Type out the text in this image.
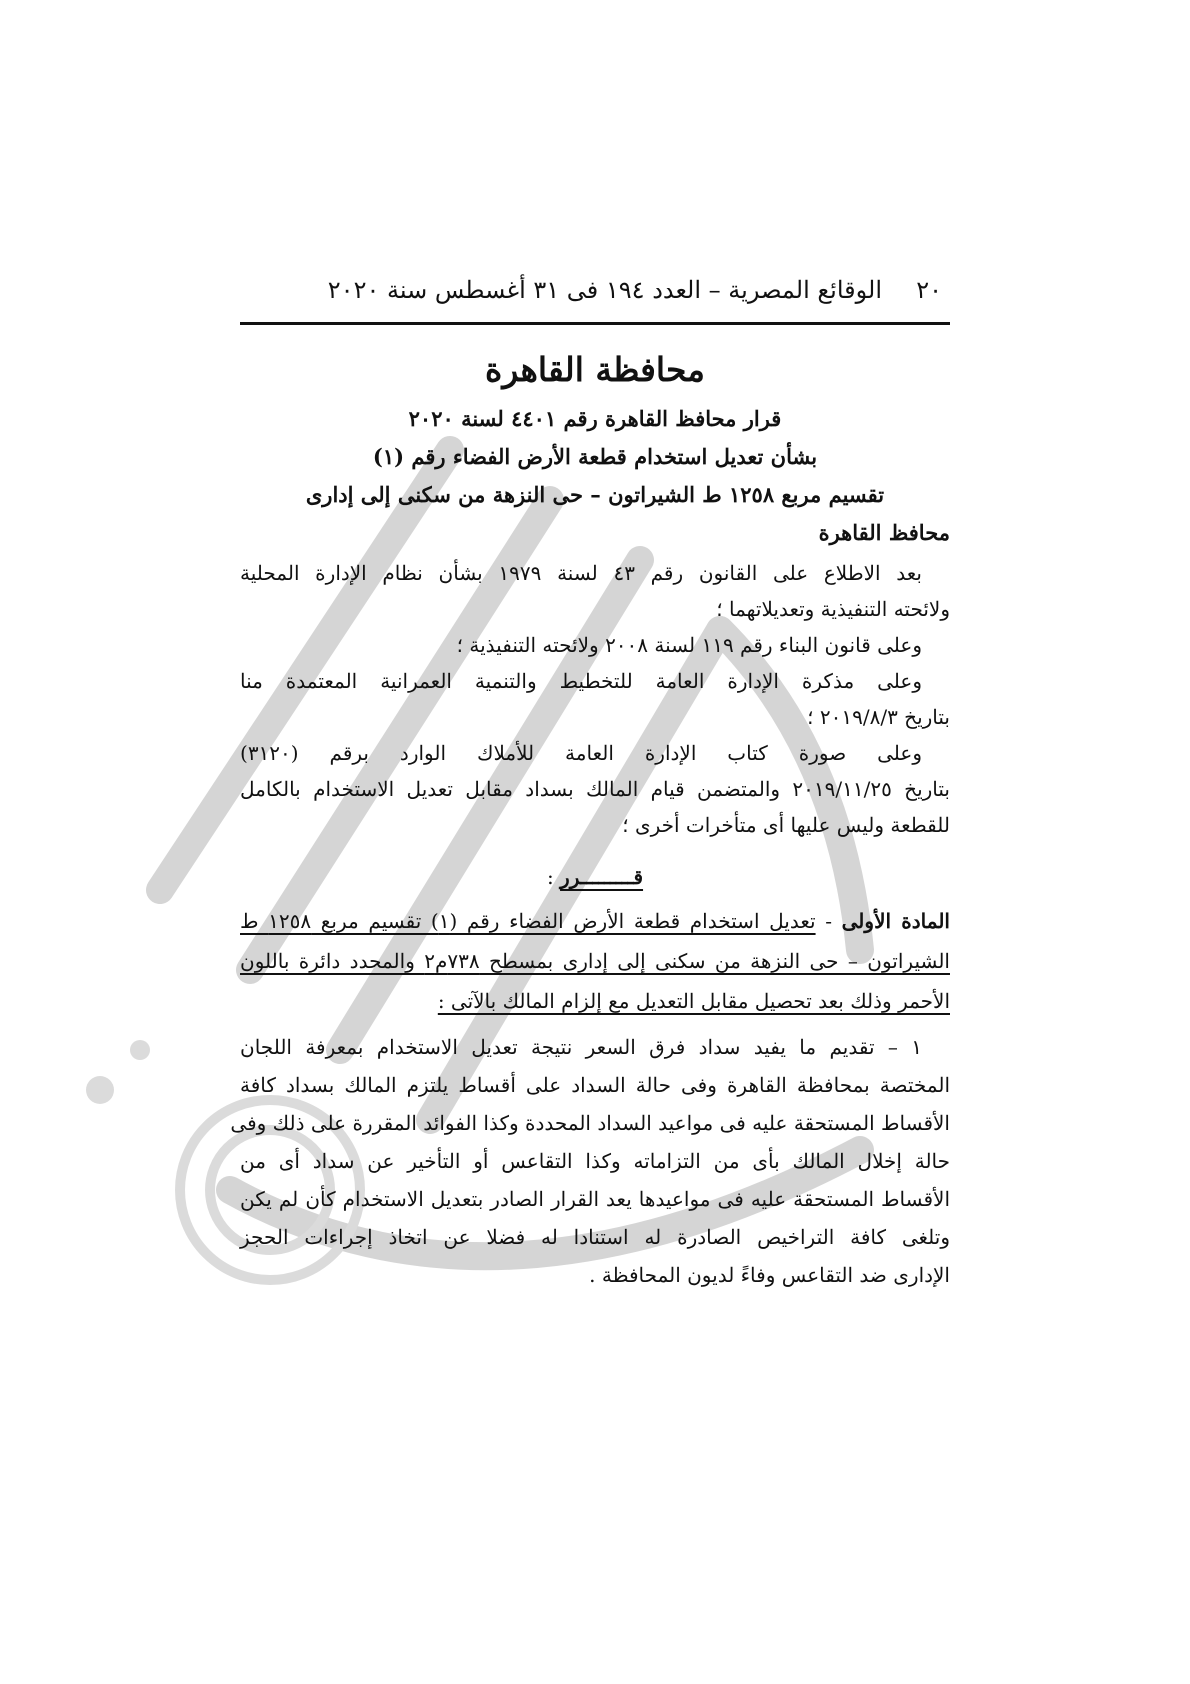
٢٠
الوقائع المصرية – العدد ١٩٤ فى ٣١ أغسطس سنة ٢٠٢٠
محافظة القاهرة
قرار محافظ القاهرة رقم ٤٤٠١ لسنة ٢٠٢٠
بشأن تعديل استخدام قطعة الأرض الفضاء رقم (١)
تقسيم مربع ١٢٥٨ ط الشيراتون – حى النزهة من سكنى إلى إدارى
محافظ القاهرة
بعد الاطلاع على القانون رقم ٤٣ لسنة ١٩٧٩ بشأن نظام الإدارة المحلية
ولائحته التنفيذية وتعديلاتهما ؛
وعلى قانون البناء رقم ١١٩ لسنة ٢٠٠٨ ولائحته التنفيذية ؛
وعلى مذكرة الإدارة العامة للتخطيط والتنمية العمرانية المعتمدة منا
بتاريخ ٢٠١٩/٨/٣ ؛
وعلى صورة كتاب الإدارة العامة للأملاك الوارد برقم (٣١٢٠)
بتاريخ ٢٠١٩/١١/٢٥ والمتضمن قيام المالك بسداد مقابل تعديل الاستخدام بالكامل
للقطعة وليس عليها أى متأخرات أخرى ؛
قـــــــــرر :
المادة الأولى - تعديل استخدام قطعة الأرض الفضاء رقم (١) تقسيم مربع ١٢٥٨ ط
الشيراتون – حى النزهة من سكنى إلى إدارى بمسطح ٧٣٨م٢ والمحدد دائرة باللون
الأحمر وذلك بعد تحصيل مقابل التعديل مع إلزام المالك بالآتى :
١ – تقديم ما يفيد سداد فرق السعر نتيجة تعديل الاستخدام بمعرفة اللجان
المختصة بمحافظة القاهرة وفى حالة السداد على أقساط يلتزم المالك بسداد كافة
الأقساط المستحقة عليه فى مواعيد السداد المحددة وكذا الفوائد المقررة على ذلك وفى
حالة إخلال المالك بأى من التزاماته وكذا التقاعس أو التأخير عن سداد أى من
الأقساط المستحقة عليه فى مواعيدها يعد القرار الصادر بتعديل الاستخدام كأن لم يكن
وتلغى كافة التراخيص الصادرة له استنادا له فضلا عن اتخاذ إجراءات الحجز
الإدارى ضد التقاعس وفاءً لديون المحافظة .
